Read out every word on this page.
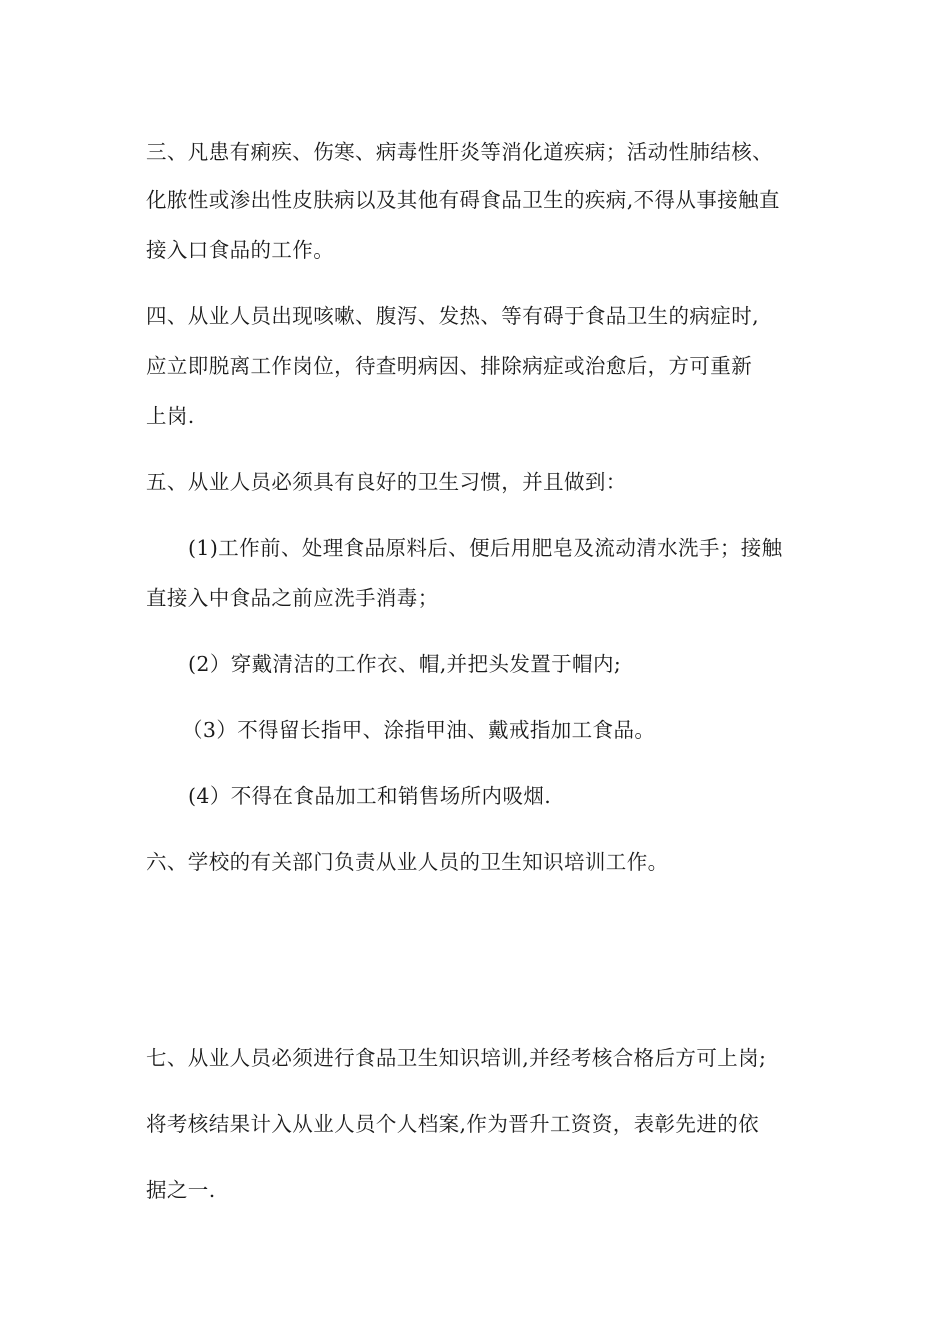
三、凡患有痢疾、伤寒、病毒性肝炎等消化道疾病；活动性肺结核、
化脓性或渗出性皮肤病以及其他有碍食品卫生的疾病,不得从事接触直
接入口食品的工作。
四、从业人员出现咳嗽、腹泻、发热、等有碍于食品卫生的病症时,
应立即脱离工作岗位，待查明病因、排除病症或治愈后，方可重新
上岗.
五、从业人员必须具有良好的卫生习惯，并且做到：
(1)工作前、处理食品原料后、便后用肥皂及流动清水洗手；接触
直接入中食品之前应洗手消毒；
(2）穿戴清洁的工作衣、帽,并把头发置于帽内;
（3）不得留长指甲、涂指甲油、戴戒指加工食品。
(4）不得在食品加工和销售场所内吸烟.
六、学校的有关部门负责从业人员的卫生知识培训工作。
七、从业人员必须进行食品卫生知识培训,并经考核合格后方可上岗;
将考核结果计入从业人员个人档案,作为晋升工资资，表彰先进的依
据之一.
